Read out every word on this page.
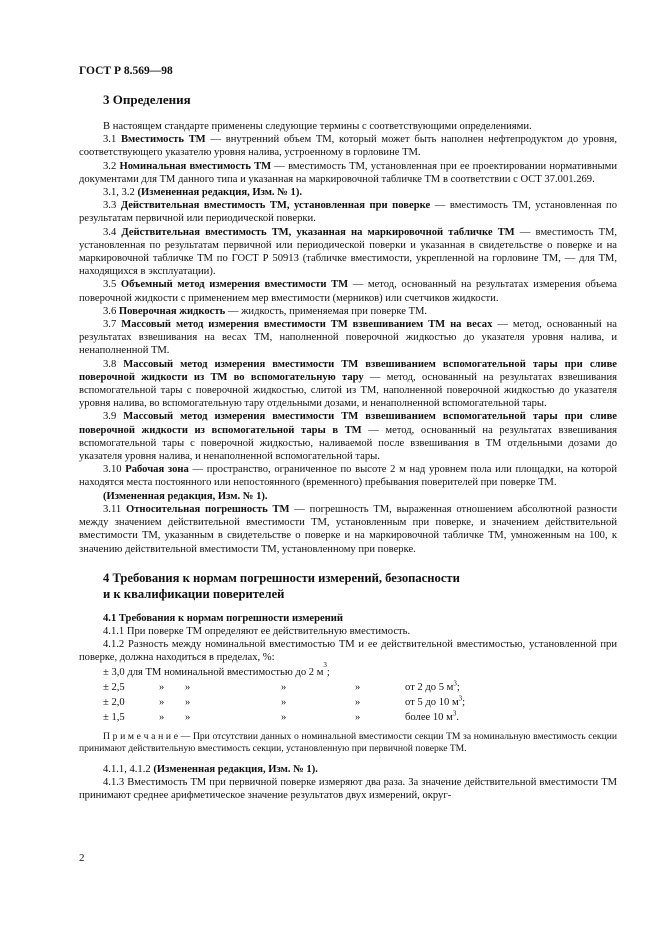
ГОСТ Р 8.569—98
3 Определения

В настоящем стандарте применены следующие термины с соответствующими определениями.

3.1 Вместимость ТМ — внутренний объем ТМ, который может быть наполнен нефтепродуктом до уровня, соответствующего указателю уровня налива, устроенному в горловине ТМ.

3.2 Номинальная вместимость ТМ — вместимость ТМ, установленная при ее проектировании нормативными документами для ТМ данного типа и указанная на маркировочной табличке ТМ в соответствии с ОСТ 37.001.269.

3.1, 3.2 (Измененная редакция, Изм. № 1).

3.3 Действительная вместимость ТМ, установленная при поверке — вместимость ТМ, установленная по результатам первичной или периодической поверки.

3.4 Действительная вместимость ТМ, указанная на маркировочной табличке ТМ — вместимость ТМ, установленная по результатам первичной или периодической поверки и указанная в свидетельстве о поверке и на маркировочной табличке ТМ по ГОСТ Р 50913 (табличке вместимости, укрепленной на горловине ТМ, — для ТМ, находящихся в эксплуатации).

3.5 Объемный метод измерения вместимости ТМ — метод, основанный на результатах измерения объема поверочной жидкости с применением мер вместимости (мерников) или счетчиков жидкости.

3.6 Поверочная жидкость — жидкость, применяемая при поверке ТМ.

3.7 Массовый метод измерения вместимости ТМ взвешиванием ТМ на весах — метод, основанный на результатах взвешивания на весах ТМ, наполненной поверочной жидкостью до указателя уровня налива, и ненаполненной ТМ.

3.8 Массовый метод измерения вместимости ТМ взвешиванием вспомогательной тары при сливе поверочной жидкости из ТМ во вспомогательную тару — метод, основанный на результатах взвешивания вспомогательной тары с поверочной жидкостью, слитой из ТМ, наполненной поверочной жидкостью до указателя уровня налива, во вспомогательную тару отдельными дозами, и ненаполненной вспомогательной тары.

3.9 Массовый метод измерения вместимости ТМ взвешиванием вспомогательной тары при сливе поверочной жидкости из вспомогательной тары в ТМ — метод, основанный на результатах взвешивания вспомогательной тары с поверочной жидкостью, наливаемой после взвешивания в ТМ отдельными дозами до указателя уровня налива, и ненаполненной вспомогательной тары.

3.10 Рабочая зона — пространство, ограниченное по высоте 2 м над уровнем пола или площадки, на которой находятся места постоянного или непостоянного (временного) пребывания поверителей при поверке ТМ.

(Измененная редакция, Изм. № 1).

3.11 Относительная погрешность ТМ — погрешность ТМ, выраженная отношением абсолютной разности между значением действительной вместимости ТМ, установленным при поверке, и значением действительной вместимости ТМ, указанным в свидетельстве о поверке и на маркировочной табличке ТМ, умноженным на 100, к значению действительной вместимости ТМ, установленному при поверке.

4 Требования к нормам погрешности измерений, безопасности
и к квалификации поверителей
4.1 Требования к нормам погрешности измерений

4.1.1 При поверке ТМ определяют ее действительную вместимость.

4.1.2 Разность между номинальной вместимостью ТМ и ее действительной вместимостью, установленной при поверке, должна находиться в пределах, %:

± 3,0 для ТМ номинальной вместимостью до 2 м
3
;
± 2,5	»	»	»	»	от 2 до 5 $м^3$;
± 2,0	»	»	»	»	от 5 до 10 $м^3$;
± 1,5	»	»	»	»	более 10 $м^3$.

П р и м е ч а н и е — При отсутствии данных о номинальной вместимости секции ТМ за номинальную вместимость секции принимают действительную вместимость секции, установленную при первичной поверке ТМ.

4.1.1, 4.1.2 (Измененная редакция, Изм. № 1).

4.1.3 Вместимость ТМ при первичной поверке измеряют два раза. За значение действительной вместимости ТМ принимают среднее арифметическое значение результатов двух измерений, округ-

2
